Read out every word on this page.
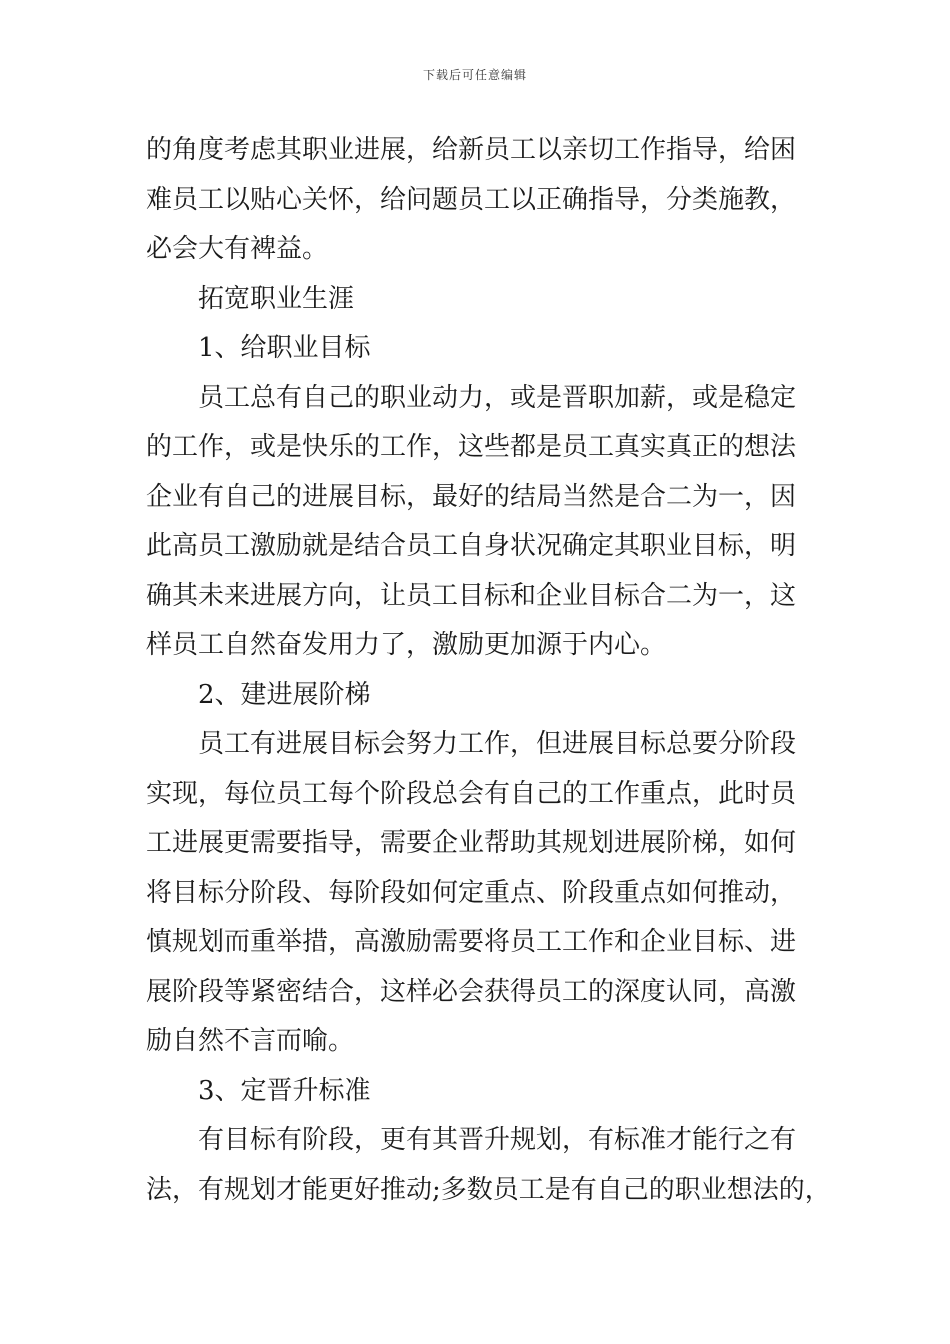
下载后可任意编辑
的角度考虑其职业进展，给新员工以亲切工作指导，给困
难员工以贴心关怀，给问题员工以正确指导，分类施教，
必会大有裨益。
拓宽职业生涯
1、给职业目标
员工总有自己的职业动力，或是晋职加薪，或是稳定
的工作，或是快乐的工作，这些都是员工真实真正的想法
企业有自己的进展目标，最好的结局当然是合二为一，因
此高员工激励就是结合员工自身状况确定其职业目标，明
确其未来进展方向，让员工目标和企业目标合二为一，这
样员工自然奋发用力了，激励更加源于内心。
2、建进展阶梯
员工有进展目标会努力工作，但进展目标总要分阶段
实现，每位员工每个阶段总会有自己的工作重点，此时员
工进展更需要指导，需要企业帮助其规划进展阶梯，如何
将目标分阶段、每阶段如何定重点、阶段重点如何推动，
慎规划而重举措，高激励需要将员工工作和企业目标、进
展阶段等紧密结合，这样必会获得员工的深度认同，高激
励自然不言而喻。
3、定晋升标准
有目标有阶段，更有其晋升规划，有标准才能行之有
法，有规划才能更好推动;多数员工是有自己的职业想法的，
